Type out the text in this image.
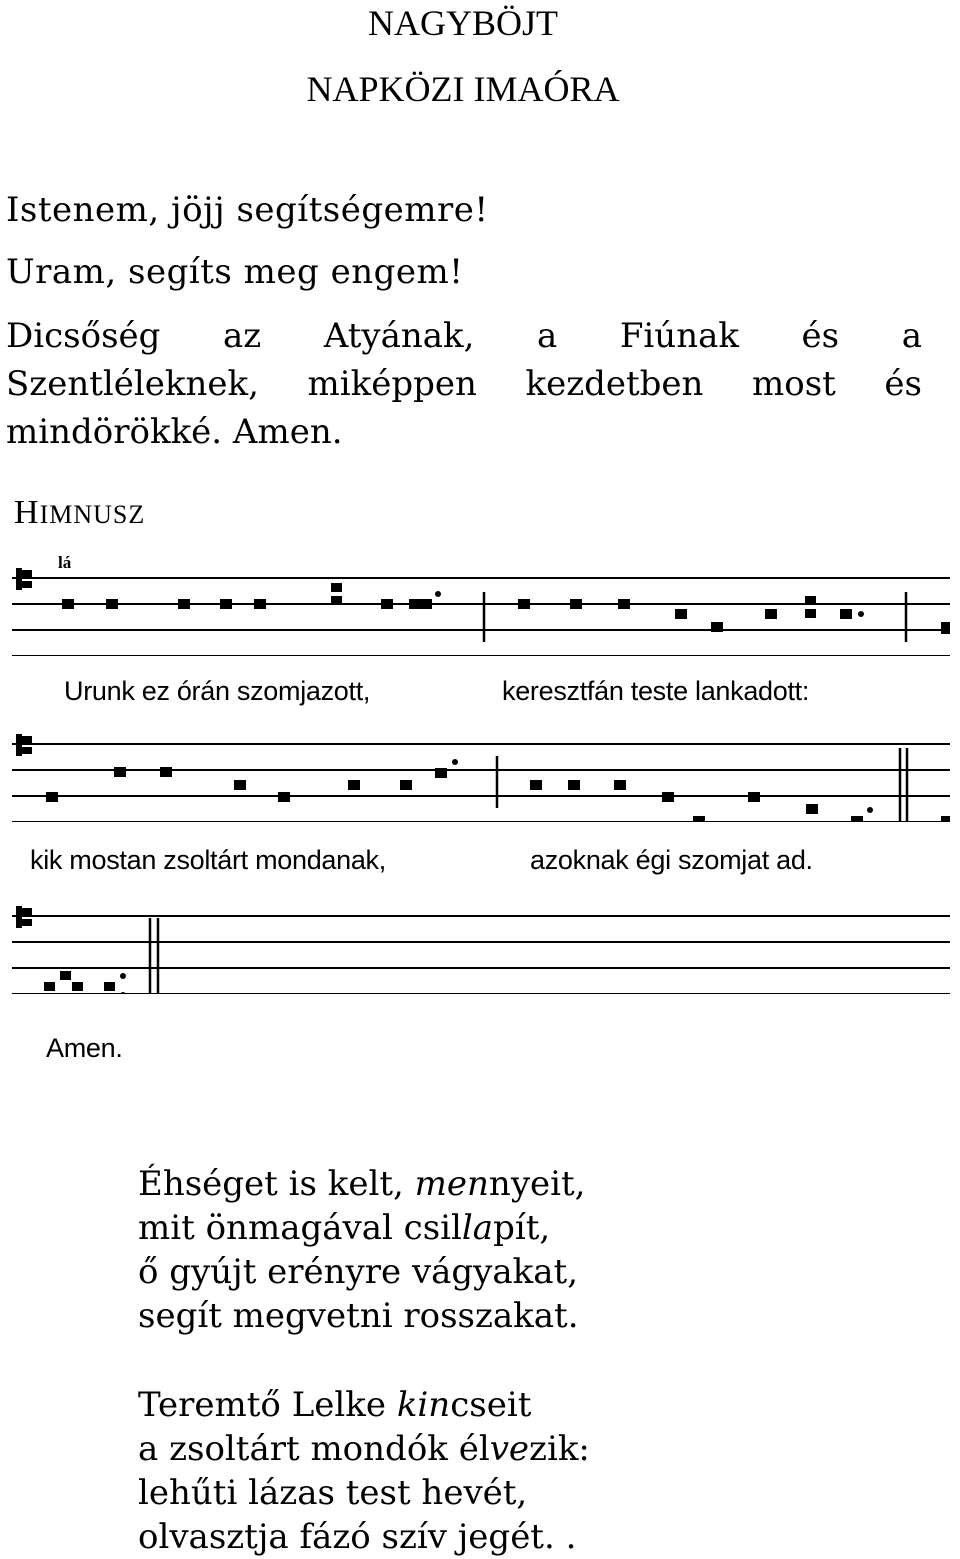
NAGYBÖJT
NAPKÖZI IMAÓRA
Istenem, jöjj segítségemre!
Uram, segíts meg engem!
Dicsőség az Atyának, a Fiúnak és a
Szentléleknek, miképpen kezdetben most és
mindörökké. Amen.
HIMNUSZ
lá
Urunk ez órán szomjazott,	keresztfán teste lankadott:
kik mostan zsoltárt mondanak,	azoknak égi szomjat ad.
Amen.
Éhséget is kelt, mennyeit,
mit önmagával csillapít,
ő gyújt erényre vágyakat,
segít megvetni rosszakat.
Teremtő Lelke kincseit
a zsoltárt mondók élvezik:
lehűti lázas test hevét,
olvasztja fázó szív jegét. .
